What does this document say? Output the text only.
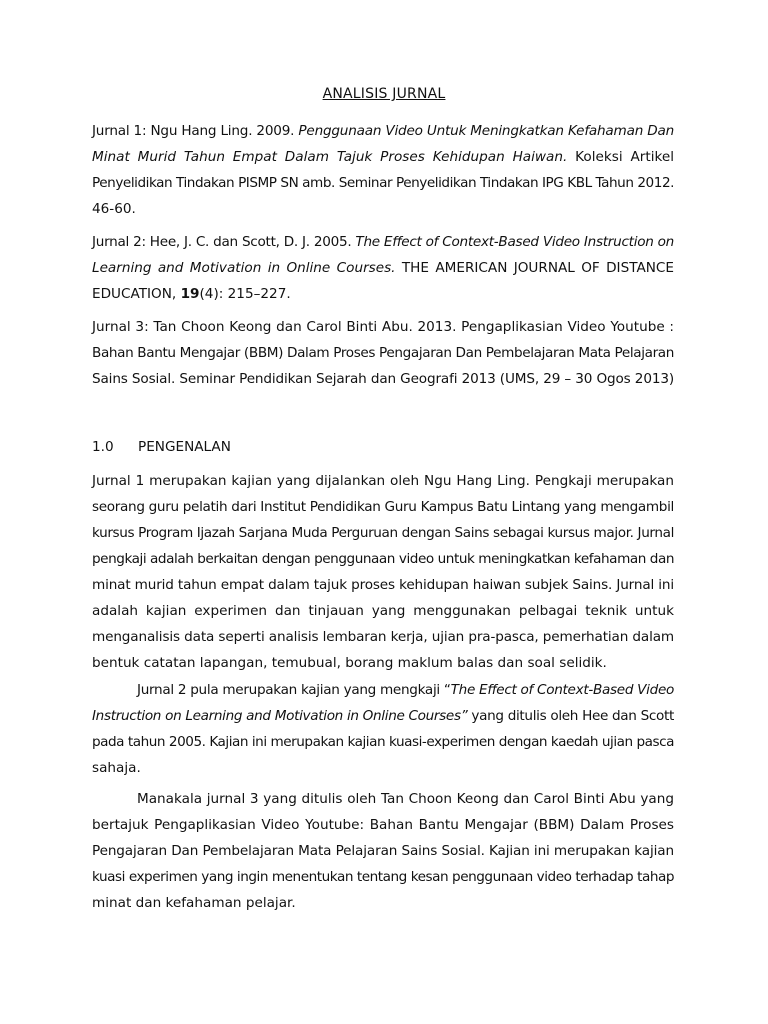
ANALISIS JURNAL
Jurnal 1: Ngu Hang Ling. 2009. Penggunaan Video Untuk Meningkatkan Kefahaman Dan
Minat Murid Tahun Empat Dalam Tajuk Proses Kehidupan Haiwan. Koleksi Artikel
Penyelidikan Tindakan PISMP SN amb. Seminar Penyelidikan Tindakan IPG KBL Tahun 2012.
46-60.
Jurnal 2: Hee, J. C. dan Scott, D. J. 2005. The Effect of Context-Based Video Instruction on
Learning and Motivation in Online Courses. THE AMERICAN JOURNAL OF DISTANCE
EDUCATION, 19(4): 215–227.
Jurnal 3: Tan Choon Keong dan Carol Binti Abu. 2013. Pengaplikasian Video Youtube :
Bahan Bantu Mengajar (BBM) Dalam Proses Pengajaran Dan Pembelajaran Mata Pelajaran
Sains Sosial. Seminar Pendidikan Sejarah dan Geografi 2013 (UMS, 29 – 30 Ogos 2013)
1.0 PENGENALAN
Jurnal 1 merupakan kajian yang dijalankan oleh Ngu Hang Ling. Pengkaji merupakan
seorang guru pelatih dari Institut Pendidikan Guru Kampus Batu Lintang yang mengambil
kursus Program Ijazah Sarjana Muda Perguruan dengan Sains sebagai kursus major. Jurnal
pengkaji adalah berkaitan dengan penggunaan video untuk meningkatkan kefahaman dan
minat murid tahun empat dalam tajuk proses kehidupan haiwan subjek Sains. Jurnal ini
adalah kajian experimen dan tinjauan yang menggunakan pelbagai teknik untuk
menganalisis data seperti analisis lembaran kerja, ujian pra-pasca, pemerhatian dalam
bentuk catatan lapangan, temubual, borang maklum balas dan soal selidik.
Jurnal 2 pula merupakan kajian yang mengkaji “The Effect of Context-Based Video
Instruction on Learning and Motivation in Online Courses” yang ditulis oleh Hee dan Scott
pada tahun 2005. Kajian ini merupakan kajian kuasi-experimen dengan kaedah ujian pasca
sahaja.
Manakala jurnal 3 yang ditulis oleh Tan Choon Keong dan Carol Binti Abu yang
bertajuk Pengaplikasian Video Youtube: Bahan Bantu Mengajar (BBM) Dalam Proses
Pengajaran Dan Pembelajaran Mata Pelajaran Sains Sosial. Kajian ini merupakan kajian
kuasi experimen yang ingin menentukan tentang kesan penggunaan video terhadap tahap
minat dan kefahaman pelajar.
